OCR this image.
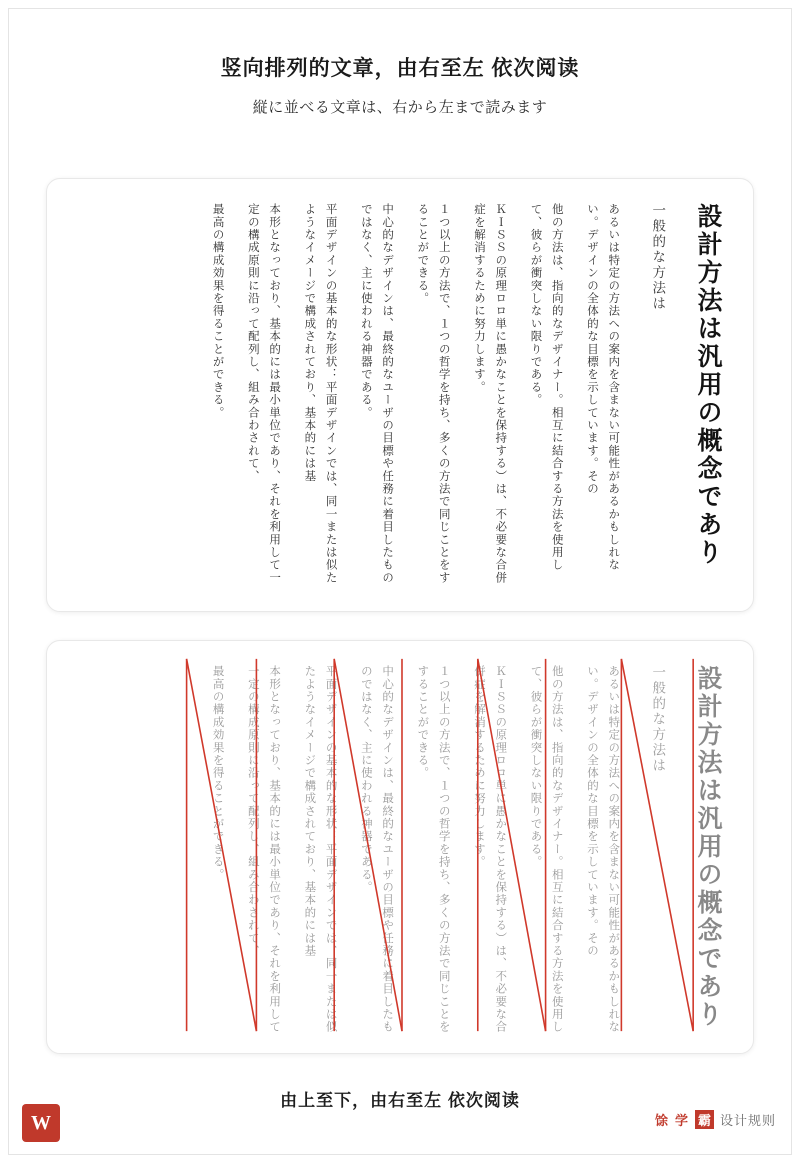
竖向排列的文章，由右至左 依次阅读
縦に並べる文章は、右から左まで読みます
設計方法は汎用の概念であり
一般的な方法は
あるいは特定の方法への案内を含まない可能性があるかもしれない。デザインの全体的な目標を示しています。その
他の方法は、指向的なデザイナー。相互に結合する方法を使用して、彼らが衝突しない限りである。
ＫＩＳＳの原理ロロ単に愚かなことを保持する）は、不必要な合併症を解消するために努力します。
１つ以上の方法で、１つの哲学を持ち、多くの方法で同じことをすることができる。
中心的なデザインは、最終的なユーザの目標や任務に着目したものではなく、主に使われる神器である。
平面デザインの基本的な形状：平面デザインでは、同一または似たようなイメージで構成されており、基本的には基
本形となっており、基本的には最小単位であり、それを利用して一定の構成原則に沿って配列し、組み合わされて、
最高の構成効果を得ることができる。
設計方法は汎用の概念であり
一般的な方法は
あるいは特定の方法への案内を含まない可能性があるかもしれない。デザインの全体的な目標を示しています。その
他の方法は、指向的なデザイナー。相互に結合する方法を使用して、彼らが衝突しない限りである。
ＫＩＳＳの原理ロロ単に愚かなことを保持する）は、不必要な合併症を解消するために努力します。
１つ以上の方法で、１つの哲学を持ち、多くの方法で同じことをすることができる。
中心的なデザインは、最終的なユーザの目標や任務に着目したものではなく、主に使われる神器である。
平面デザインの基本的な形状：平面デザインでは、同一または似たようなイメージで構成されており、基本的には基
本形となっており、基本的には最小単位であり、それを利用して一定の構成原則に沿って配列し、組み合わされて、
最高の構成効果を得ることができる。
由上至下，由右至左 依次阅读
W	馀 学 霸 设计规则
